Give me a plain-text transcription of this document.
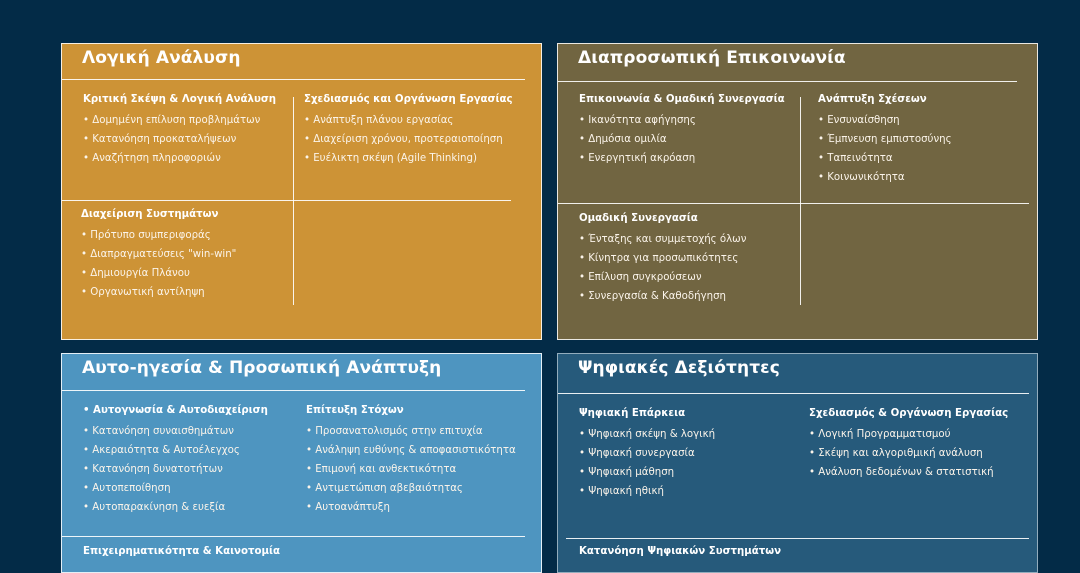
Λογική Ανάλυση
Κριτική Σκέψη & Λογική Ανάλυση
• Δομημένη επίλυση προβλημάτων
• Κατανόηση προκαταλήψεων
• Αναζήτηση πληροφοριών
Σχεδιασμός και Οργάνωση Εργασίας
• Ανάπτυξη πλάνου εργασίας
• Διαχείριση χρόνου, προτεραιοποίηση
• Ευέλικτη σκέψη (Agile Thinking)
Διαχείριση Συστημάτων
• Πρότυπο συμπεριφοράς
• Διαπραγματεύσεις "win-win"
• Δημιουργία Πλάνου
• Οργανωτική αντίληψη
Διαπροσωπική Επικοινωνία
Επικοινωνία & Ομαδική Συνεργασία
• Ικανότητα αφήγησης
• Δημόσια ομιλία
• Ενεργητική ακρόαση
Ανάπτυξη Σχέσεων
• Ενσυναίσθηση
• Έμπνευση εμπιστοσύνης
• Ταπεινότητα
• Κοινωνικότητα
Ομαδική Συνεργασία
• Ένταξης και συμμετοχής όλων
• Κίνητρα για προσωπικότητες
• Επίλυση συγκρούσεων
• Συνεργασία & Καθοδήγηση
Αυτο-ηγεσία & Προσωπική Ανάπτυξη
• Αυτογνωσία & Αυτοδιαχείριση
• Κατανόηση συναισθημάτων
• Ακεραιότητα & Αυτοέλεγχος
• Κατανόηση δυνατοτήτων
• Αυτοπεποίθηση
• Αυτοπαρακίνηση & ευεξία
Επίτευξη Στόχων
• Προσανατολισμός στην επιτυχία
• Ανάληψη ευθύνης & αποφασιστικότητα
• Επιμονή και ανθεκτικότητα
• Αντιμετώπιση αβεβαιότητας
• Αυτοανάπτυξη
Επιχειρηματικότητα & Καινοτομία
Ψηφιακές Δεξιότητες
Ψηφιακή Επάρκεια
• Ψηφιακή σκέψη & λογική
• Ψηφιακή συνεργασία
• Ψηφιακή μάθηση
• Ψηφιακή ηθική
Σχεδιασμός & Οργάνωση Εργασίας
• Λογική Προγραμματισμού
• Σκέψη και αλγοριθμική ανάλυση
• Ανάλυση δεδομένων & στατιστική
Κατανόηση Ψηφιακών Συστημάτων
